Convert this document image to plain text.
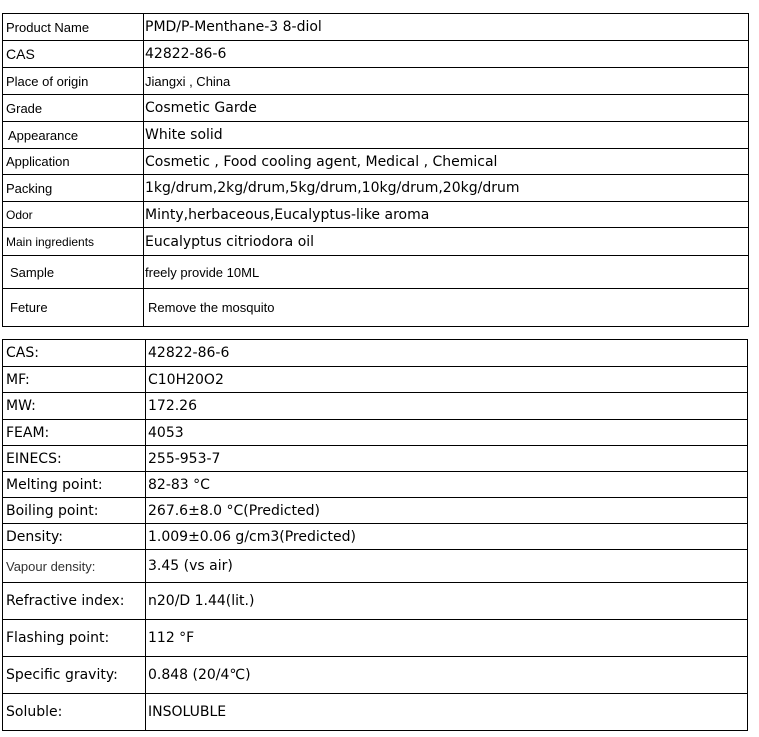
Product Name	PMD/P-Menthane-3 8-diol
CAS	42822-86-6
Place of origin	Jiangxi , China
Grade	Cosmetic Garde
Appearance	White solid
Application	Cosmetic , Food cooling agent, Medical , Chemical
Packing	1kg/drum,2kg/drum,5kg/drum,10kg/drum,20kg/drum
Odor	Minty,herbaceous,Eucalyptus-like aroma
Main ingredients	Eucalyptus citriodora oil
Sample	freely provide 10ML
Feture	Remove the mosquito
CAS:	42822-86-6
MF:	C10H20O2
MW:	172.26
FEAM:	4053
EINECS:	255-953-7
Melting point:	82-83 °C
Boiling point:	267.6±8.0 °C(Predicted)
Density:	1.009±0.06 g/cm3(Predicted)
Vapour density:	3.45 (vs air)
Refractive index:	n20/D 1.44(lit.)
Flashing point:	112 °F
Specific gravity:	0.848 (20/4℃)
Soluble:	INSOLUBLE
